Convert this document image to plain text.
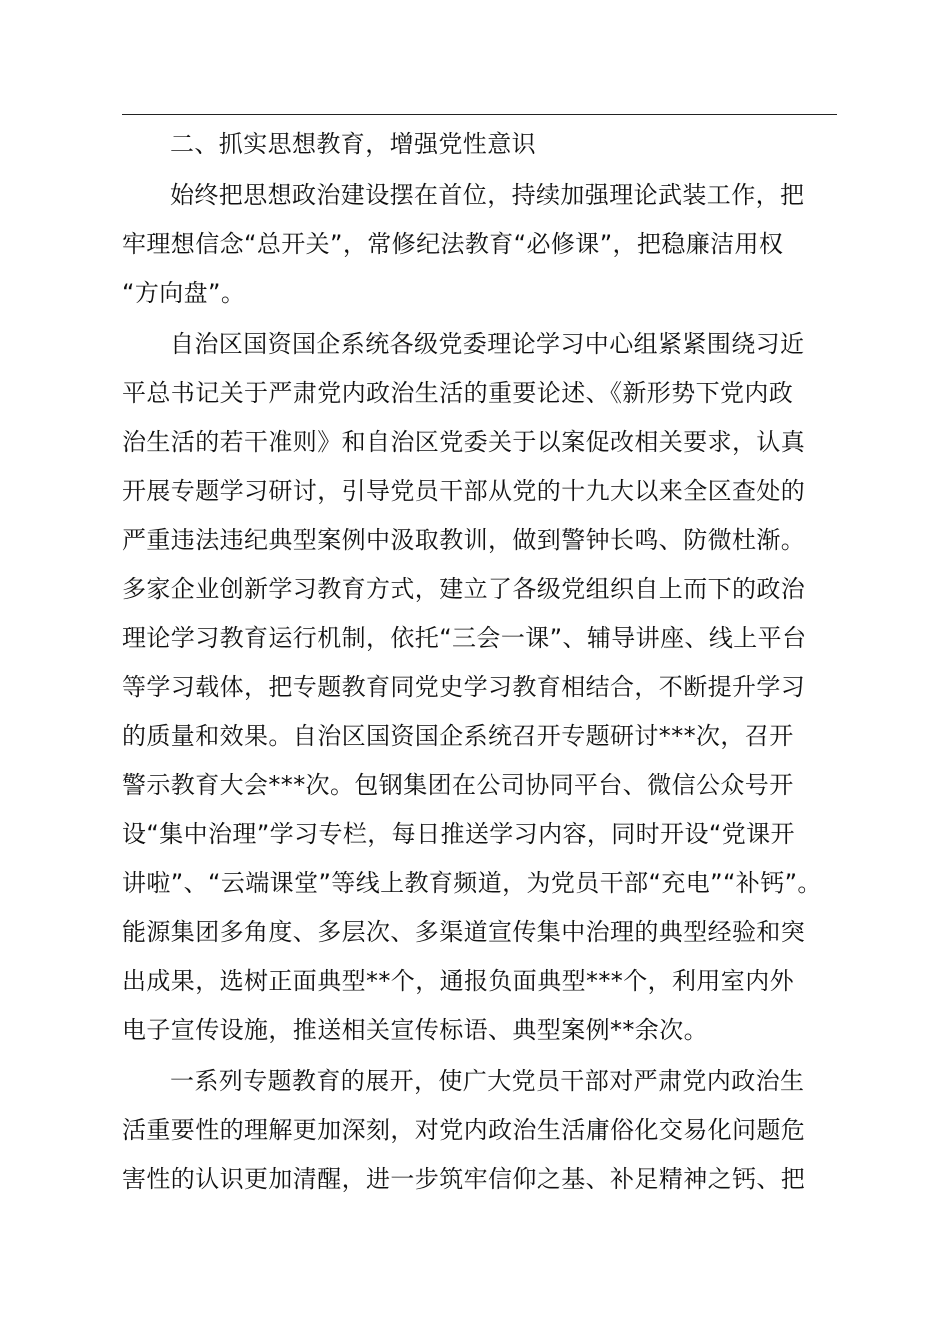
二、抓实思想教育，增强党性意识

始终把思想政治建设摆在首位，持续加强理论武装工作，把
牢理想信念“总开关”，常修纪法教育“必修课”，把稳廉洁用权
“方向盘”。

自治区国资国企系统各级党委理论学习中心组紧紧围绕习近
平总书记关于严肃党内政治生活的重要论述、《新形势下党内政
治生活的若干准则》和自治区党委关于以案促改相关要求，认真
开展专题学习研讨，引导党员干部从党的十九大以来全区查处的
严重违法违纪典型案例中汲取教训，做到警钟长鸣、防微杜渐。
多家企业创新学习教育方式，建立了各级党组织自上而下的政治
理论学习教育运行机制，依托“三会一课”、辅导讲座、线上平台
等学习载体，把专题教育同党史学习教育相结合，不断提升学习
的质量和效果。自治区国资国企系统召开专题研讨***次，召开
警示教育大会***次。包钢集团在公司协同平台、微信公众号开
设“集中治理”学习专栏，每日推送学习内容，同时开设“党课开
讲啦”、“云端课堂”等线上教育频道，为党员干部“充电”“补钙”。
能源集团多角度、多层次、多渠道宣传集中治理的典型经验和突
出成果，选树正面典型**个，通报负面典型***个，利用室内外
电子宣传设施，推送相关宣传标语、典型案例**余次。

一系列专题教育的展开，使广大党员干部对严肃党内政治生
活重要性的理解更加深刻，对党内政治生活庸俗化交易化问题危
害性的认识更加清醒，进一步筑牢信仰之基、补足精神之钙、把
